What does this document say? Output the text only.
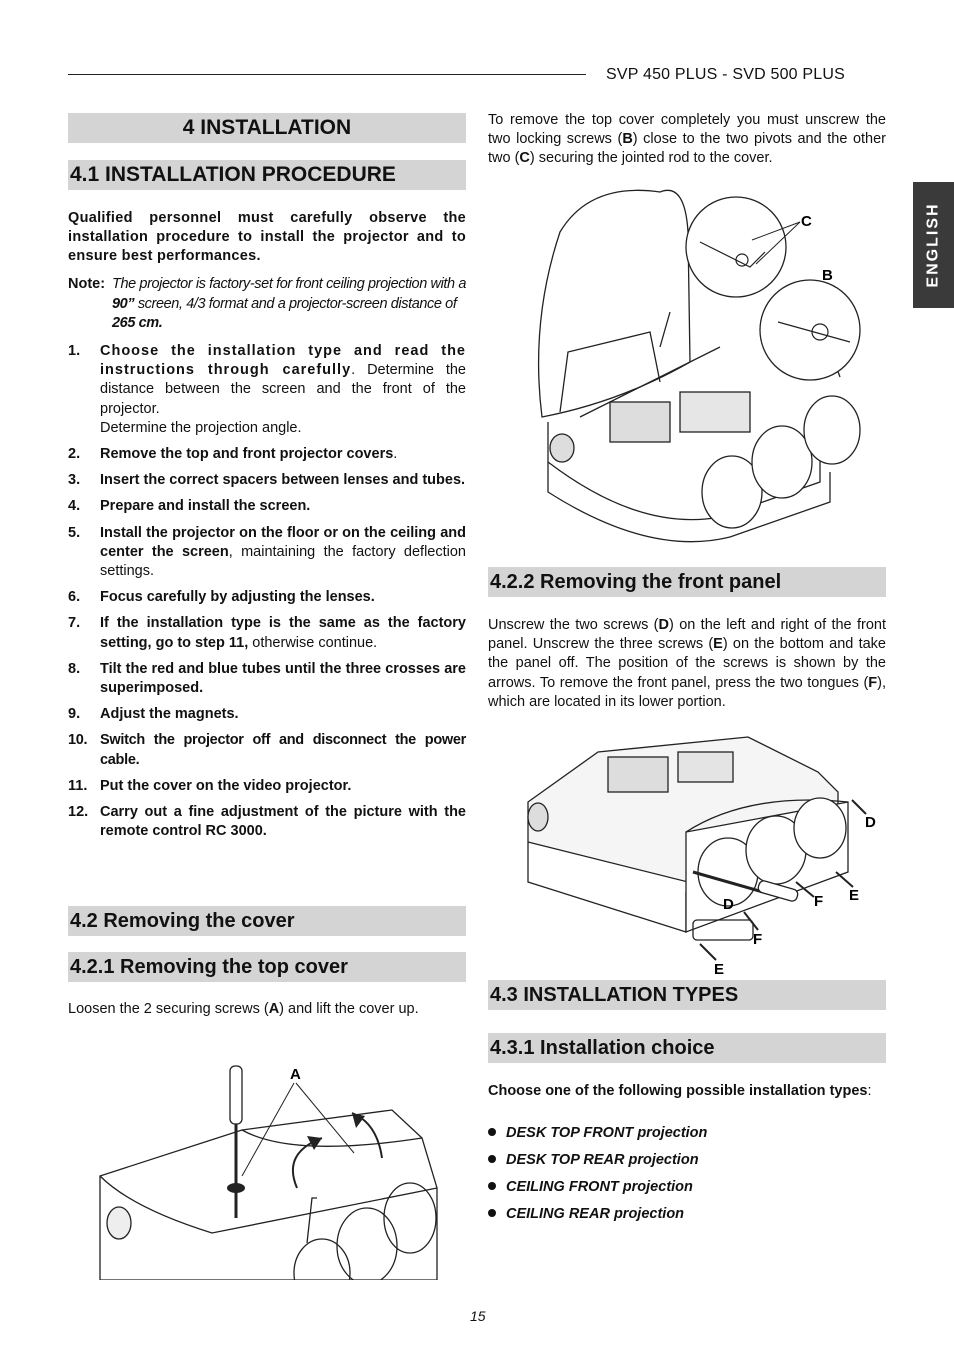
SVP 450 PLUS - SVD 500 PLUS
ENGLISH
4 INSTALLATION
4.1 INSTALLATION PROCEDURE
Qualified personnel must carefully observe the installation procedure to install the projector and to ensure best performances.
Note: The projector is factory-set for front ceiling projection with a 90” screen, 4/3 format and a projector-screen distance of 265 cm.
1. Choose the installation type and read the instructions through carefully. Determine the distance between the screen and the front of the projector.
Determine the projection angle.
2. Remove the top and front projector covers.
3. Insert the correct spacers between lenses and tubes.
4. Prepare and install the screen.
5. Install the projector on the floor or on the ceiling and center the screen, maintaining the factory deflection settings.
6. Focus carefully by adjusting the lenses.
7. If the installation type is the same as the factory setting, go to step 11, otherwise continue.
8. Tilt the red and blue tubes until the three crosses are superimposed.
9. Adjust the magnets.
10. Switch the projector off and disconnect the power cable.
11. Put the cover on the video projector.
12. Carry out a fine adjustment of the picture with the remote control RC 3000.
4.2 Removing the cover
4.2.1 Removing the top cover
Loosen the 2 securing screws (A) and lift the cover up.
A
To remove the top cover completely you must unscrew the two locking screws (B) close to the two pivots and the other two (C) securing the jointed rod to the cover.
C
B
4.2.2 Removing the front panel
Unscrew the two screws (D) on the left and right of the front panel. Unscrew the three screws (E) on the bottom and take the panel off. The position of the screws is shown by the arrows. To remove the front panel, press the two tongues (F), which are located in its lower portion.
D
D
E
E
F
F
4.3 INSTALLATION TYPES
4.3.1 Installation choice
Choose one of the following possible installation types:
DESK TOP FRONT projection
DESK TOP REAR projection
CEILING FRONT projection
CEILING REAR projection
15
